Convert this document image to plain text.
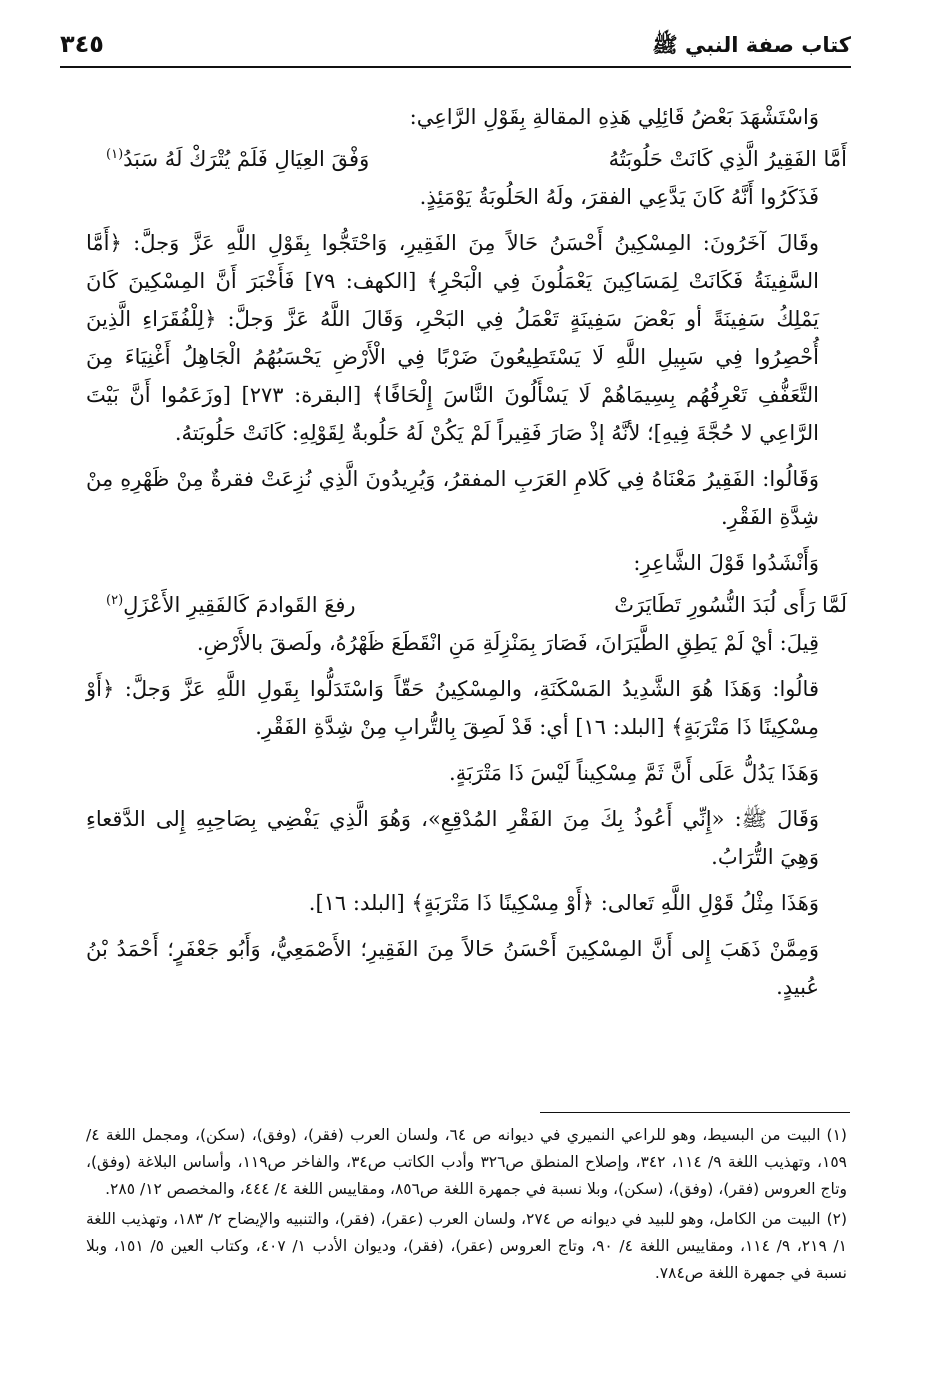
كتاب صفة النبي ﷺ
٣٤٥

وَاسْتَشْهَدَ بَعْضُ قَائِلِي هَذِهِ المقالةِ بِقَوْلِ الرَّاعِي:

أَمَّا الفَقِيرُ الَّذِي كَانَتْ حَلُوبَتُهُ
وَفْقَ العِيَالِ فَلَمْ يُتْرَكْ لَهُ سَبَدُ$^{(١)}$

فَذَكَرُوا أَنَّهُ كَانَ يَدَّعِي الفقرَ، ولَهُ الحَلُوبَةُ يَوْمَئِذٍ.

وقَالَ آخَرُونَ: المِسْكِينُ أَحْسَنُ حَالاً مِنَ الفَقِيرِ، وَاحْتَجُّوا بِقَوْلِ اللَّهِ عَزَّ وَجلَّ: ﴿أَمَّا السَّفِينَةُ فَكَانَتْ لِمَسَاكِينَ يَعْمَلُونَ فِي الْبَحْرِ﴾ [الكهف: ٧٩] فَأَخْبَرَ أَنَّ المِسْكِينَ كَانَ يَمْلِكُ سَفِينَةً أو بَعْضَ سَفِينَةٍ تَعْمَلُ فِي البَحْرِ، وَقَالَ اللَّهُ عَزَّ وَجلَّ: ﴿لِلْفُقَرَاءِ الَّذِينَ أُحْصِرُوا فِي سَبِيلِ اللَّهِ لَا يَسْتَطِيعُونَ ضَرْبًا فِي الْأَرْضِ يَحْسَبُهُمُ الْجَاهِلُ أَغْنِيَاءَ مِنَ التَّعَفُّفِ تَعْرِفُهُم بِسِيمَاهُمْ لَا يَسْأَلُونَ النَّاسَ إِلْحَافًا﴾ [البقرة: ٢٧٣] [وزَعَمُوا أَنَّ بَيْتَ الرَّاعِي لا حُجَّةَ فِيهِ]؛ لأنَّهُ إذْ صَارَ فَقِيراً لَمْ يَكُنْ لَهُ حَلُوبةٌ لِقَوْلِهِ: كَانَتْ حَلُوبَتهُ.

وَقَالُوا: الفَقِيرُ مَعْنَاهُ فِي كَلامِ العَرَبِ المفقرُ، وَيُرِيدُونَ الَّذِي نُزِعَتْ فقرةٌ مِنْ ظَهْرِهِ مِنْ شِدَّةِ الفَقْرِ.

وَأَنْشَدُوا قَوْلَ الشَّاعِرِ:

لَمَّا رَأَى لُبَدَ النُّسُورِ تَطَايَرَتْ
رفعَ القَوادمَ كَالفَقِيرِ الأَعْزَلِ$^{(٢)}$

قِيلَ: أيْ لَمْ يَطِقِ الطَّيَرَانَ، فَصَارَ بِمَنْزِلَةِ مَنِ انْقَطَعَ ظَهْرُهُ، ولَصقَ بالأَرْضِ.

قالُوا: وَهَذَا هُوَ الشَّدِيدُ المَسْكَنَةِ، والمِسْكِينُ حَقّاً وَاسْتَدَلُّوا بِقَولِ اللَّهِ عَزَّ وَجلَّ: ﴿أَوْ مِسْكِينًا ذَا مَتْرَبَةٍ﴾ [البلد: ١٦] أي: قَدْ لَصِقَ بِالتُّرابِ مِنْ شِدَّةِ الفَقْرِ.

وَهَذَا يَدُلُّ عَلَى أَنَّ ثَمَّ مِسْكِيناً لَيْسَ ذَا مَتْرَبَةٍ.

وَقَالَ ﷺ: «إِنِّي أَعُوذُ بِكَ مِنَ الفَقْرِ المُدْقِعِ»، وَهُوَ الَّذِي يَفْضِي بِصَاحِبِهِ إِلى الدَّقعاءِ وَهِيَ التُّرَابُ.

وَهَذَا مِثْلُ قَوْلِ اللَّهِ تَعالى: ﴿أَوْ مِسْكِينًا ذَا مَتْرَبَةٍ﴾ [البلد: ١٦].

وَمِمَّنْ ذَهَبَ إِلى أَنَّ المِسْكِينَ أَحْسَنُ حَالاً مِنَ الفَقِيرِ؛ الأَصْمَعِيُّ، وَأَبُو جَعْفَرٍ؛ أَحْمَدُ بْنُ عُبيدٍ.

(١)البيت من البسيط، وهو للراعي النميري في ديوانه ص ٦٤، ولسان العرب (فقر)، (وفق)، (سكن)، ومجمل اللغة ٤/ ١٥٩، وتهذيب اللغة ٩/ ١١٤، ٣٤٢، وإصلاح المنطق ص٣٢٦ وأدب الكاتب ص٣٤، والفاخر ص١١٩، وأساس البلاغة (وفق)، وتاج العروس (فقر)، (وفق)، (سكن)، وبلا نسبة في جمهرة اللغة ص٨٥٦، ومقاييس اللغة ٤/ ٤٤٤، والمخصص ١٢/ ٢٨٥.

(٢)البيت من الكامل، وهو للبيد في ديوانه ص ٢٧٤، ولسان العرب (عقر)، (فقر)، والتنبيه والإيضاح ٢/ ١٨٣، وتهذيب اللغة ١/ ٢١٩، ٩/ ١١٤، ومقاييس اللغة ٤/ ٩٠، وتاج العروس (عقر)، (فقر)، وديوان الأدب ١/ ٤٠٧، وكتاب العين ٥/ ١٥١، وبلا نسبة في جمهرة اللغة ص٧٨٤.
